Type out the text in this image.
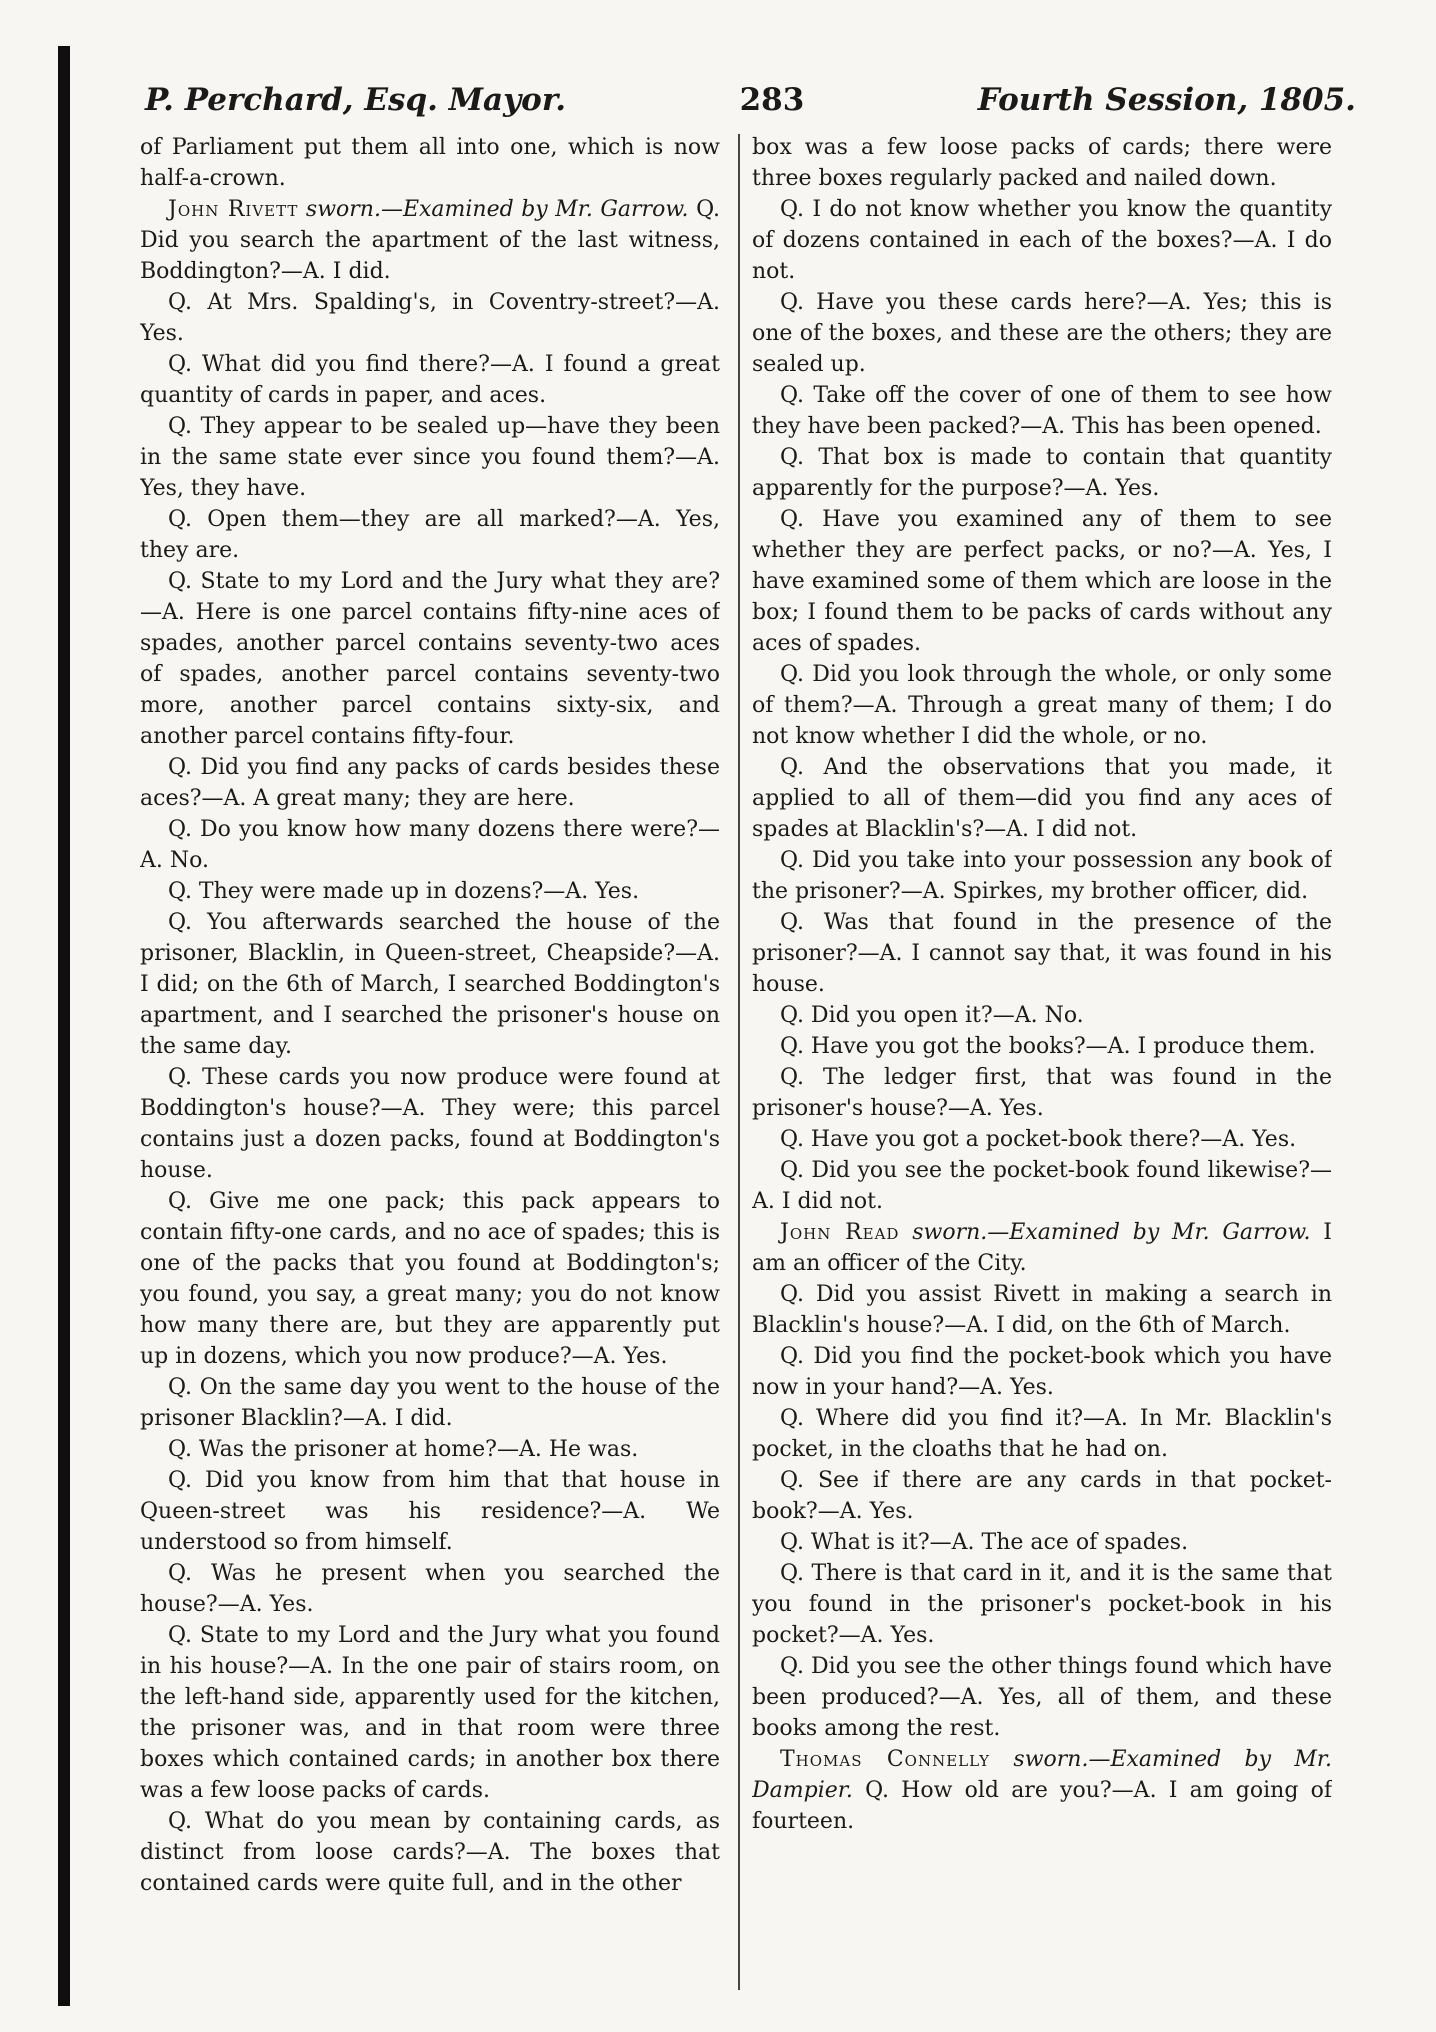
P. Perchard, Esq. Mayor.	283	Fourth Session, 1805.

of Parliament put them all into one, which is now half-a-crown.

John Rivett sworn.—Examined by Mr. Garrow. Q. Did you search the apartment of the last witness, Boddington?—A. I did.

Q. At Mrs. Spalding's, in Coventry-street?—A. Yes.

Q. What did you find there?—A. I found a great quantity of cards in paper, and aces.

Q. They appear to be sealed up—have they been in the same state ever since you found them?—A. Yes, they have.

Q. Open them—they are all marked?—A. Yes, they are.

Q. State to my Lord and the Jury what they are?—A. Here is one parcel contains fifty-nine aces of spades, another parcel contains seventy-two aces of spades, another parcel contains seventy-two more, another parcel contains sixty-six, and another parcel contains fifty-four.

Q. Did you find any packs of cards besides these aces?—A. A great many; they are here.

Q. Do you know how many dozens there were?—A. No.

Q. They were made up in dozens?—A. Yes.

Q. You afterwards searched the house of the prisoner, Blacklin, in Queen-street, Cheapside?—A. I did; on the 6th of March, I searched Boddington's apartment, and I searched the prisoner's house on the same day.

Q. These cards you now produce were found at Boddington's house?—A. They were; this parcel contains just a dozen packs, found at Boddington's house.

Q. Give me one pack; this pack appears to contain fifty-one cards, and no ace of spades; this is one of the packs that you found at Boddington's; you found, you say, a great many; you do not know how many there are, but they are apparently put up in dozens, which you now produce?—A. Yes.

Q. On the same day you went to the house of the prisoner Blacklin?—A. I did.

Q. Was the prisoner at home?—A. He was.

Q. Did you know from him that that house in Queen-street was his residence?—A. We understood so from himself.

Q. Was he present when you searched the house?—A. Yes.

Q. State to my Lord and the Jury what you found in his house?—A. In the one pair of stairs room, on the left-hand side, apparently used for the kitchen, the prisoner was, and in that room were three boxes which contained cards; in another box there was a few loose packs of cards.

Q. What do you mean by containing cards, as distinct from loose cards?—A. The boxes that contained cards were quite full, and in the other

box was a few loose packs of cards; there were three boxes regularly packed and nailed down.

Q. I do not know whether you know the quantity of dozens contained in each of the boxes?—A. I do not.

Q. Have you these cards here?—A. Yes; this is one of the boxes, and these are the others; they are sealed up.

Q. Take off the cover of one of them to see how they have been packed?—A. This has been opened.

Q. That box is made to contain that quantity apparently for the purpose?—A. Yes.

Q. Have you examined any of them to see whether they are perfect packs, or no?—A. Yes, I have examined some of them which are loose in the box; I found them to be packs of cards without any aces of spades.

Q. Did you look through the whole, or only some of them?—A. Through a great many of them; I do not know whether I did the whole, or no.

Q. And the observations that you made, it applied to all of them—did you find any aces of spades at Blacklin's?—A. I did not.

Q. Did you take into your possession any book of the prisoner?—A. Spirkes, my brother officer, did.

Q. Was that found in the presence of the prisoner?—A. I cannot say that, it was found in his house.

Q. Did you open it?—A. No.

Q. Have you got the books?—A. I produce them.

Q. The ledger first, that was found in the prisoner's house?—A. Yes.

Q. Have you got a pocket-book there?—A. Yes.

Q. Did you see the pocket-book found likewise?—A. I did not.

John Read sworn.—Examined by Mr. Garrow. I am an officer of the City.

Q. Did you assist Rivett in making a search in Blacklin's house?—A. I did, on the 6th of March.

Q. Did you find the pocket-book which you have now in your hand?—A. Yes.

Q. Where did you find it?—A. In Mr. Blacklin's pocket, in the cloaths that he had on.

Q. See if there are any cards in that pocket-book?—A. Yes.

Q. What is it?—A. The ace of spades.

Q. There is that card in it, and it is the same that you found in the prisoner's pocket-book in his pocket?—A. Yes.

Q. Did you see the other things found which have been produced?—A. Yes, all of them, and these books among the rest.

Thomas Connelly sworn.—Examined by Mr. Dampier. Q. How old are you?—A. I am going of fourteen.
